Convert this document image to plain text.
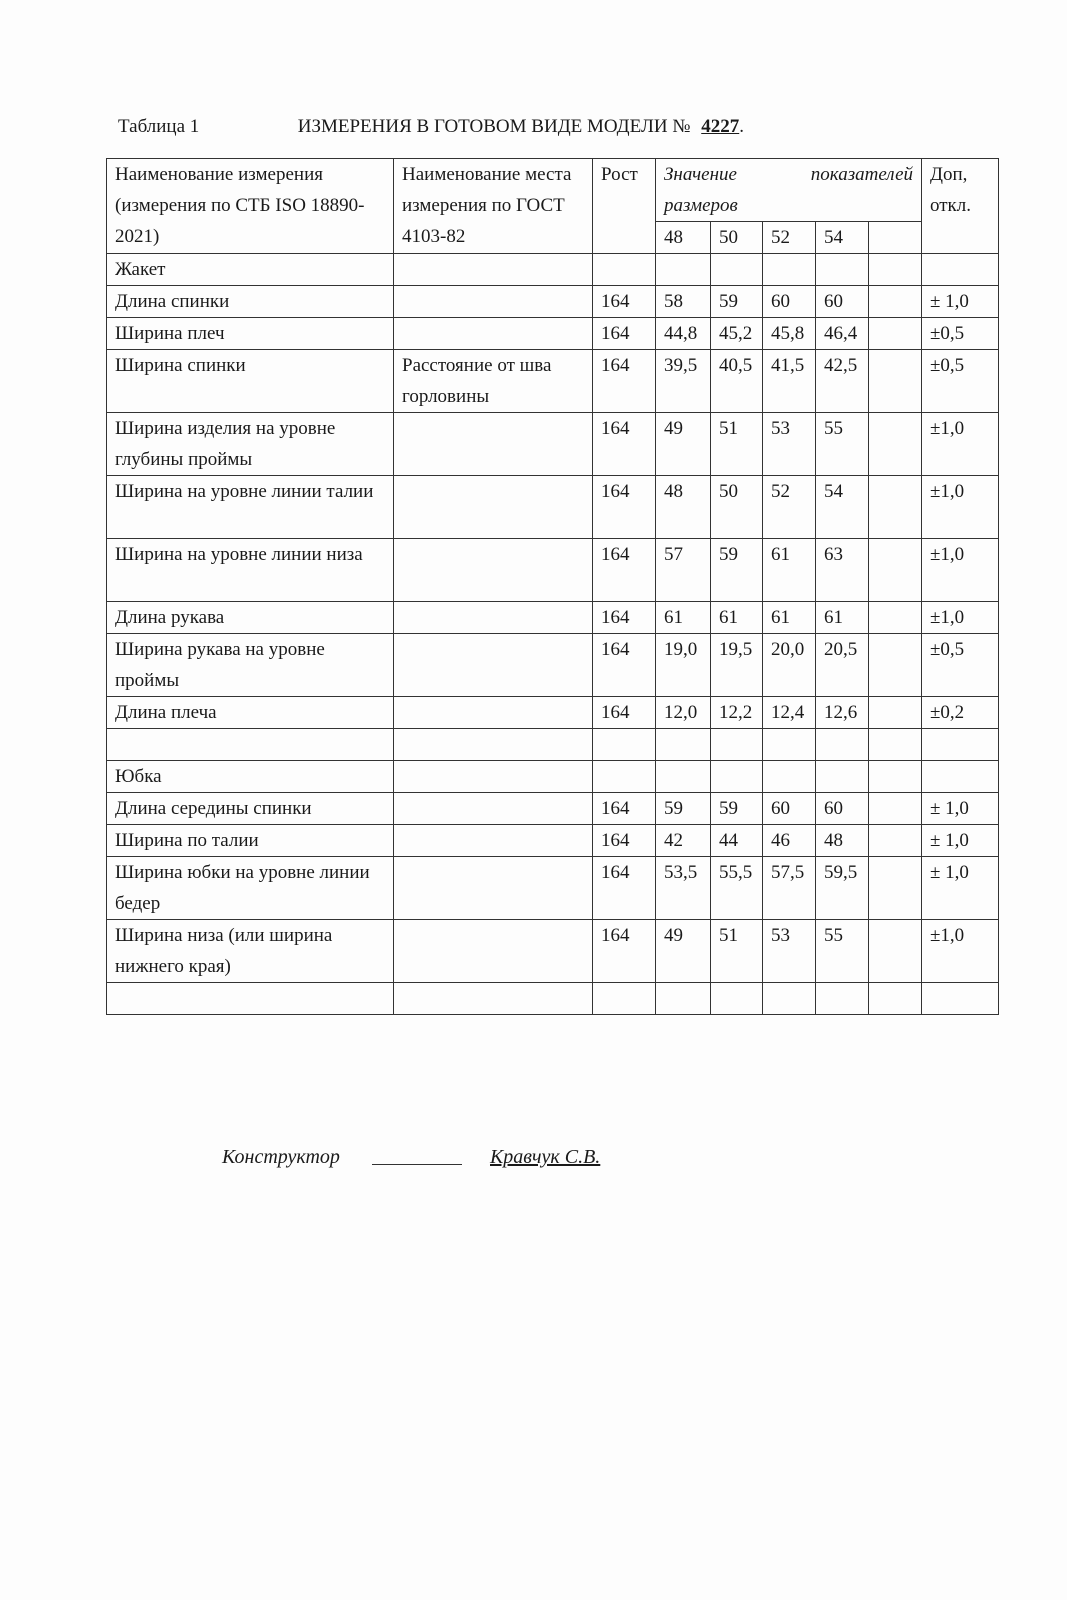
Таблица 1	ИЗМЕРЕНИЯ В ГОТОВОМ ВИДЕ МОДЕЛИ № 4227.
Наименование измерения (измерения по СТБ ISO 18890-2021)	Наименование места измерения по ГОСТ 4103-82	Рост	Значение показателей размеров					Доп, откл.
			48	50	52	54		
Жакет								
Длина спинки		164	58	59	60	60		± 1,0
Ширина плеч		164	44,8	45,2	45,8	46,4		±0,5
Ширина спинки	Расстояние от шва горловины	164	39,5	40,5	41,5	42,5		±0,5
Ширина изделия на уровне глубины проймы		164	49	51	53	55		±1,0
Ширина на уровне линии талии		164	48	50	52	54		±1,0
Ширина на уровне линии низа		164	57	59	61	63		±1,0
Длина рукава		164	61	61	61	61		±1,0
Ширина рукава на уровне проймы		164	19,0	19,5	20,0	20,5		±0,5
Длина плеча		164	12,0	12,2	12,4	12,6		±0,2

Юбка								
Длина середины спинки		164	59	59	60	60		± 1,0
Ширина по талии		164	42	44	46	48		± 1,0
Ширина юбки на уровне линии бедер		164	53,5	55,5	57,5	59,5		± 1,0
Ширина низа (или ширина нижнего края)		164	49	51	53	55		±1,0

Конструктор	Кравчук С.В.
